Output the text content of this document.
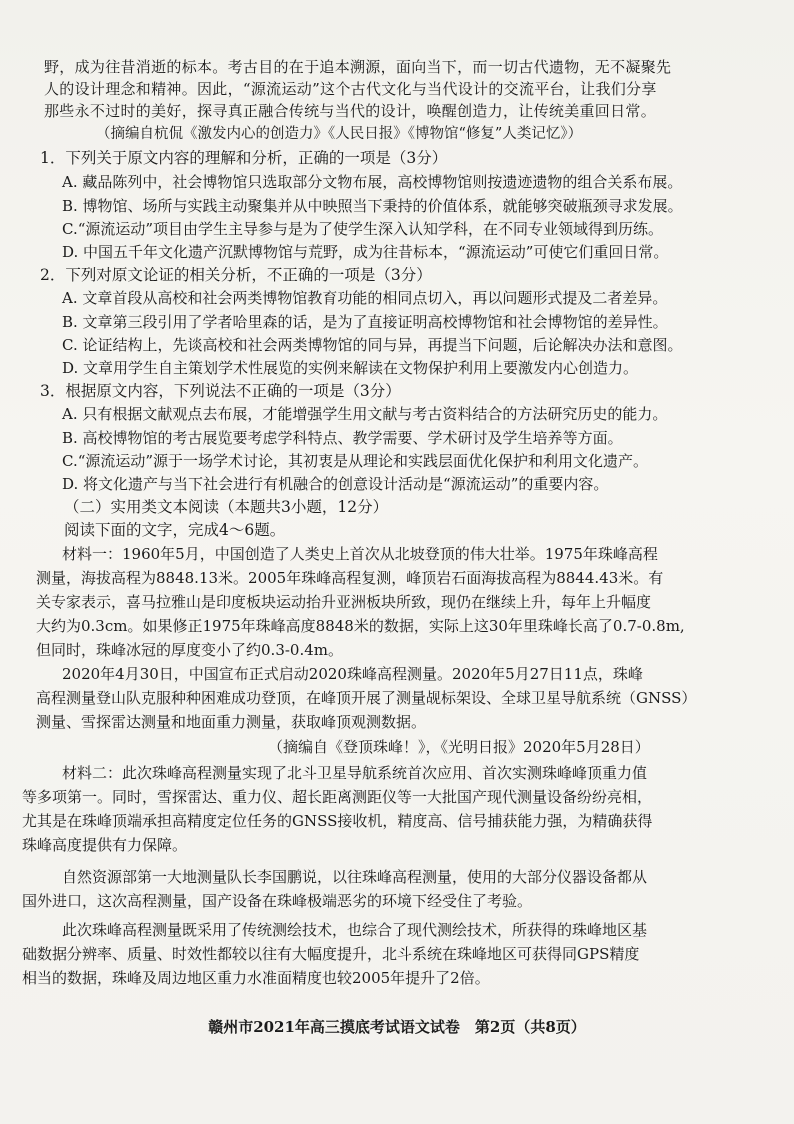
野，成为往昔消逝的标本。考古目的在于追本溯源，面向当下，而一切古代遗物，无不凝聚先
人的设计理念和精神。因此，“源流运动”这个古代文化与当代设计的交流平台，让我们分享
那些永不过时的美好，探寻真正融合传统与当代的设计，唤醒创造力，让传统美重回日常。
（摘编自杭侃《激发内心的创造力》《人民日报》《博物馆“修复”人类记忆》）
1．下列关于原文内容的理解和分析，正确的一项是（3分）
A. 藏品陈列中，社会博物馆只选取部分文物布展，高校博物馆则按遗迹遗物的组合关系布展。
B. 博物馆、场所与实践主动聚集并从中映照当下秉持的价值体系，就能够突破瓶颈寻求发展。
C.“源流运动”项目由学生主导参与是为了使学生深入认知学科，在不同专业领域得到历练。
D. 中国五千年文化遗产沉默博物馆与荒野，成为往昔标本，“源流运动”可使它们重回日常。
2．下列对原文论证的相关分析，不正确的一项是（3分）
A. 文章首段从高校和社会两类博物馆教育功能的相同点切入，再以问题形式提及二者差异。
B. 文章第三段引用了学者哈里森的话，是为了直接证明高校博物馆和社会博物馆的差异性。
C. 论证结构上，先谈高校和社会两类博物馆的同与异，再提当下问题，后论解决办法和意图。
D. 文章用学生自主策划学术性展览的实例来解读在文物保护利用上要激发内心创造力。
3．根据原文内容，下列说法不正确的一项是（3分）
A. 只有根据文献观点去布展，才能增强学生用文献与考古资料结合的方法研究历史的能力。
B. 高校博物馆的考古展览要考虑学科特点、教学需要、学术研讨及学生培养等方面。
C.“源流运动”源于一场学术讨论，其初衷是从理论和实践层面优化保护和利用文化遗产。
D. 将文化遗产与当下社会进行有机融合的创意设计活动是“源流运动”的重要内容。
（二）实用类文本阅读（本题共3小题，12分）
阅读下面的文字，完成4～6题。
材料一：1960年5月，中国创造了人类史上首次从北坡登顶的伟大壮举。1975年珠峰高程
测量，海拔高程为8848.13米。2005年珠峰高程复测，峰顶岩石面海拔高程为8844.43米。有
关专家表示，喜马拉雅山是印度板块运动抬升亚洲板块所致，现仍在继续上升，每年上升幅度
大约为0.3cm。如果修正1975年珠峰高度8848米的数据，实际上这30年里珠峰长高了0.7-0.8m,
但同时，珠峰冰冠的厚度变小了约0.3-0.4m。
2020年4月30日，中国宣布正式启动2020珠峰高程测量。2020年5月27日11点，珠峰
高程测量登山队克服种种困难成功登顶，在峰顶开展了测量觇标架设、全球卫星导航系统（GNSS）
测量、雪探雷达测量和地面重力测量，获取峰顶观测数据。
（摘编自《登顶珠峰！》，《光明日报》2020年5月28日）
材料二：此次珠峰高程测量实现了北斗卫星导航系统首次应用、首次实测珠峰峰顶重力值
等多项第一。同时，雪探雷达、重力仪、超长距离测距仪等一大批国产现代测量设备纷纷亮相，
尤其是在珠峰顶端承担高精度定位任务的GNSS接收机，精度高、信号捕获能力强，为精确获得
珠峰高度提供有力保障。
自然资源部第一大地测量队长李国鹏说，以往珠峰高程测量，使用的大部分仪器设备都从
国外进口，这次高程测量，国产设备在珠峰极端恶劣的环境下经受住了考验。
此次珠峰高程测量既采用了传统测绘技术，也综合了现代测绘技术，所获得的珠峰地区基
础数据分辨率、质量、时效性都较以往有大幅度提升，北斗系统在珠峰地区可获得同GPS精度
相当的数据，珠峰及周边地区重力水准面精度也较2005年提升了2倍。
赣州市2021年高三摸底考试语文试卷　第2页（共8页）
